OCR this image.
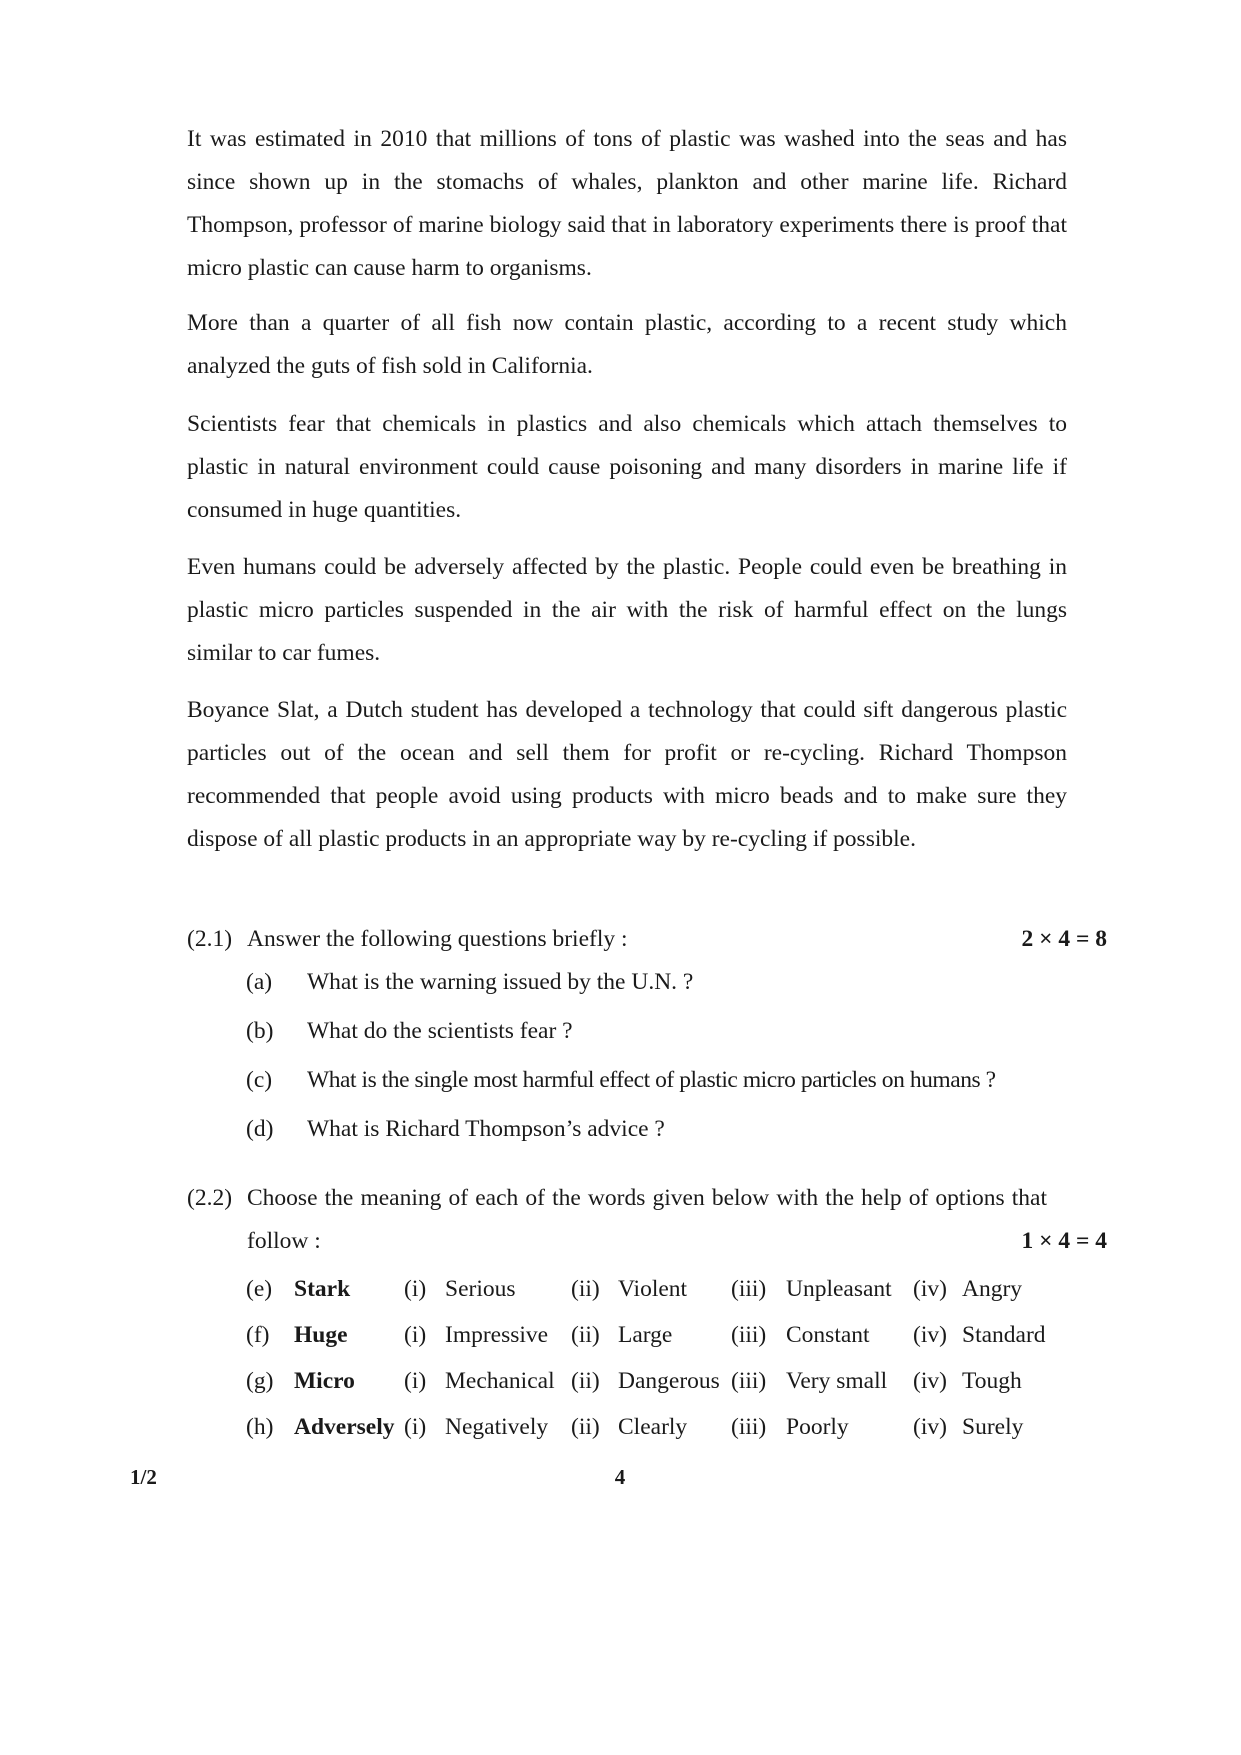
It was estimated in 2010 that millions of tons of plastic was washed into the seas and has since shown up in the stomachs of whales, plankton and other marine life. Richard Thompson, professor of marine biology said that in laboratory experiments there is proof that micro plastic can cause harm to organisms.

More than a quarter of all fish now contain plastic, according to a recent study which analyzed the guts of fish sold in California.

Scientists fear that chemicals in plastics and also chemicals which attach themselves to plastic in natural environment could cause poisoning and many disorders in marine life if consumed in huge quantities.

Even humans could be adversely affected by the plastic. People could even be breathing in plastic micro particles suspended in the air with the risk of harmful effect on the lungs similar to car fumes.

Boyance Slat, a Dutch student has developed a technology that could sift dangerous plastic particles out of the ocean and sell them for profit or re-cycling. Richard Thompson recommended that people avoid using products with micro beads and to make sure they dispose of all plastic products in an appropriate way by re-cycling if possible.

(2.1) Answer the following questions briefly :	2 × 4 = 8
(a) What is the warning issued by the U.N. ?
(b) What do the scientists fear ?
(c) What is the single most harmful effect of plastic micro particles on humans ?
(d) What is Richard Thompson’s advice ?
(2.2) Choose the meaning of each of the words given below with the help of options that follow :	1 × 4 = 4
(e) Stark (i) Serious (ii) Violent (iii) Unpleasant (iv) Angry
(f) Huge (i) Impressive (ii) Large (iii) Constant (iv) Standard
(g) Micro (i) Mechanical (ii) Dangerous (iii) Very small (iv) Tough
(h) Adversely (i) Negatively (ii) Clearly (iii) Poorly	(iv) Surely
1/2	4
